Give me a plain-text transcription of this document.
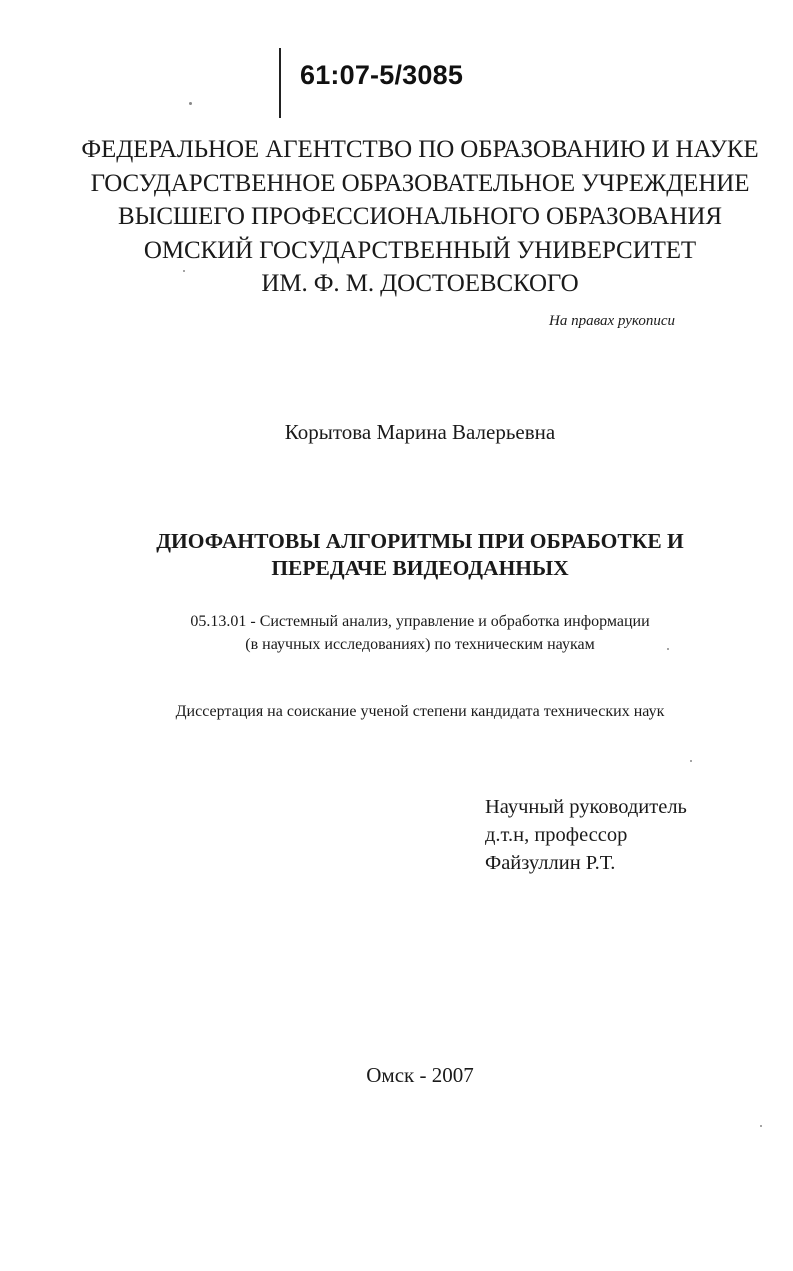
61:07-5/3085
ФЕДЕРАЛЬНОЕ АГЕНТСТВО ПО ОБРАЗОВАНИЮ И НАУКЕ
ГОСУДАРСТВЕННОЕ ОБРАЗОВАТЕЛЬНОЕ УЧРЕЖДЕНИЕ
ВЫСШЕГО ПРОФЕССИОНАЛЬНОГО ОБРАЗОВАНИЯ
ОМСКИЙ ГОСУДАРСТВЕННЫЙ УНИВЕРСИТЕТ
ИМ. Ф. М. ДОСТОЕВСКОГО
На правах рукописи
Корытова Марина Валерьевна
ДИОФАНТОВЫ АЛГОРИТМЫ ПРИ ОБРАБОТКЕ И
ПЕРЕДАЧЕ ВИДЕОДАННЫХ
05.13.01 - Системный анализ, управление и обработка информации
(в научных исследованиях) по техническим наукам
Диссертация на соискание ученой степени кандидата технических наук
Научный руководитель
д.т.н, профессор
Файзуллин Р.Т.
Омск - 2007
